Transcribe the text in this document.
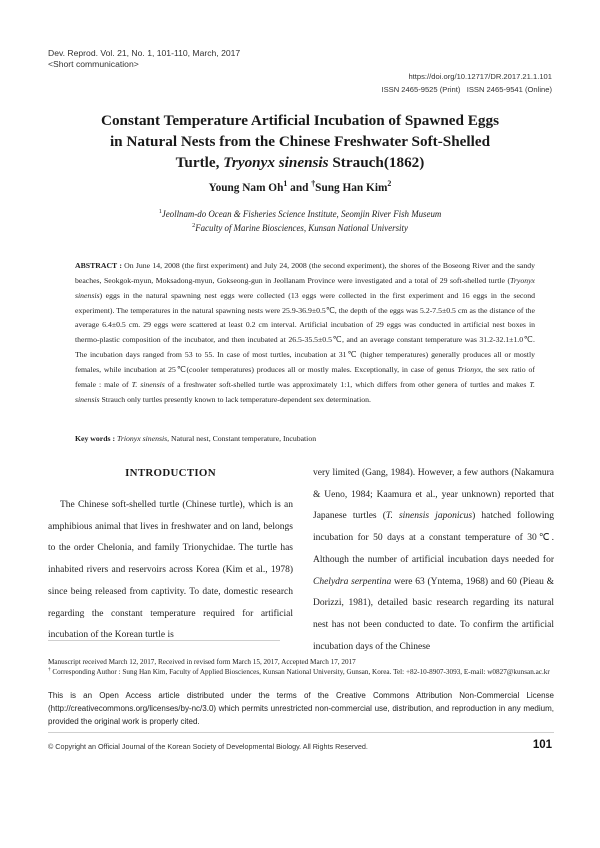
Dev. Reprod. Vol. 21, No. 1, 101-110, March, 2017
<Short communication>
https://doi.org/10.12717/DR.2017.21.1.101
ISSN 2465-9525 (Print)   ISSN 2465-9541 (Online)
Constant Temperature Artificial Incubation of Spawned Eggs
in Natural Nests from the Chinese Freshwater Soft-Shelled
Turtle, Tryonyx sinensis Strauch(1862)
Young Nam Oh$^1$ and †Sung Han Kim$^2$
$^1$Jeollnam-do Ocean & Fisheries Science Institute, Seomjin River Fish Museum
$^2$Faculty of Marine Biosciences, Kunsan National University
ABSTRACT : On June 14, 2008 (the first experiment) and July 24, 2008 (the second experiment), the shores of the Boseong River and the sandy beaches, Seokgok-myun, Moksadong-myun, Gokseong-gun in Jeollanam Province were investigated and a total of 29 soft-shelled turtle (Tryonyx sinensis) eggs in the natural spawning nest eggs were collected (13 eggs were collected in the first experiment and 16 eggs in the second experiment). The temperatures in the natural spawning nests were 25.9-36.9±0.5℃, the depth of the eggs was 5.2-7.5±0.5 cm as the distance of the average 6.4±0.5 cm. 29 eggs were scattered at least 0.2 cm interval. Artificial incubation of 29 eggs was conducted in artificial nest boxes in thermo-plastic composition of the incubator, and then incubated at 26.5-35.5±0.5℃, and an average constant temperature was 31.2-32.1±1.0℃. The incubation days ranged from 53 to 55. In case of most turtles, incubation at 31℃ (higher temperatures) generally produces all or mostly females, while incubation at 25℃(cooler temperatures) produces all or mostly males. Exceptionally, in case of genus Trionyx, the sex ratio of female : male of T. sinensis of a freshwater soft-shelled turtle was approximately 1:1, which differs from other genera of turtles and makes T. sinensis Strauch only turtles presently known to lack temperature-dependent sex determination.
Key words : Trionyx sinensis, Natural nest, Constant temperature, Incubation
INTRODUCTION
The Chinese soft-shelled turtle (Chinese turtle), which is an amphibious animal that lives in freshwater and on land, belongs to the order Chelonia, and family Trionychidae. The turtle has inhabited rivers and reservoirs across Korea (Kim et al., 1978) since being released from captivity. To date, domestic research regarding the constant temperature required for artificial incubation of the Korean turtle is
very limited (Gang, 1984). However, a few authors (Nakamura & Ueno, 1984; Kaamura et al., year unknown) reported that Japanese turtles (T. sinensis japonicus) hatched following incubation for 50 days at a constant temperature of 30℃. Although the number of artificial incubation days needed for Chelydra serpentina were 63 (Yntema, 1968) and 60 (Pieau & Dorizzi, 1981), detailed basic research regarding its natural nest has not been conducted to date. To confirm the artificial incubation days of the Chinese
Manuscript received March 12, 2017, Received in revised form March 15, 2017, Accepted March 17, 2017
† Corresponding Author : Sung Han Kim, Faculty of Applied Biosciences, Kunsan National University, Gunsan, Korea. Tel: +82-10-8907-3093, E-mail: w0827@kunsan.ac.kr
This is an Open Access article distributed under the terms of the Creative Commons Attribution Non-Commercial License (http://creativecommons.org/licenses/by-nc/3.0) which permits unrestricted non-commercial use, distribution, and reproduction in any medium, provided the original work is properly cited.
© Copyright an Official Journal of the Korean Society of Developmental Biology. All Rights Reserved.	101
